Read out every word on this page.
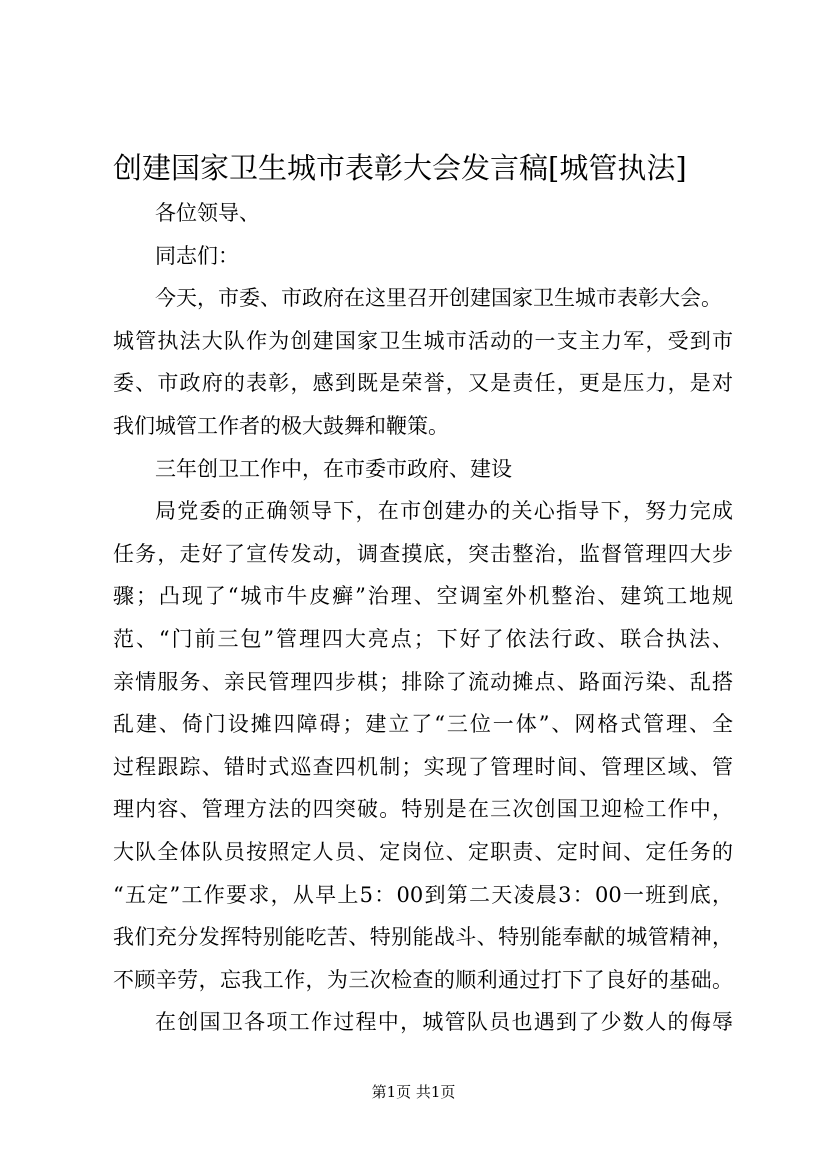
创建国家卫生城市表彰大会发言稿[城管执法]
各位领导、
同志们：
今天，市委、市政府在这里召开创建国家卫生城市表彰大会。
城管执法大队作为创建国家卫生城市活动的一支主力军，受到市
委、市政府的表彰，感到既是荣誉，又是责任，更是压力，是对
我们城管工作者的极大鼓舞和鞭策。
三年创卫工作中，在市委市政府、建设
局党委的正确领导下，在市创建办的关心指导下，努力完成
任务，走好了宣传发动，调查摸底，突击整治，监督管理四大步
骤；凸现了“城市牛皮癣”治理、空调室外机整治、建筑工地规
范、“门前三包”管理四大亮点；下好了依法行政、联合执法、
亲情服务、亲民管理四步棋；排除了流动摊点、路面污染、乱搭
乱建、倚门设摊四障碍；建立了“三位一体”、网格式管理、全
过程跟踪、错时式巡查四机制；实现了管理时间、管理区域、管
理内容、管理方法的四突破。特别是在三次创国卫迎检工作中，
大队全体队员按照定人员、定岗位、定职责、定时间、定任务的
“五定”工作要求，从早上5：00到第二天凌晨3：00一班到底，
我们充分发挥特别能吃苦、特别能战斗、特别能奉献的城管精神，
不顾辛劳，忘我工作，为三次检查的顺利通过打下了良好的基础。
在创国卫各项工作过程中，城管队员也遇到了少数人的侮辱
第1页 共1页
